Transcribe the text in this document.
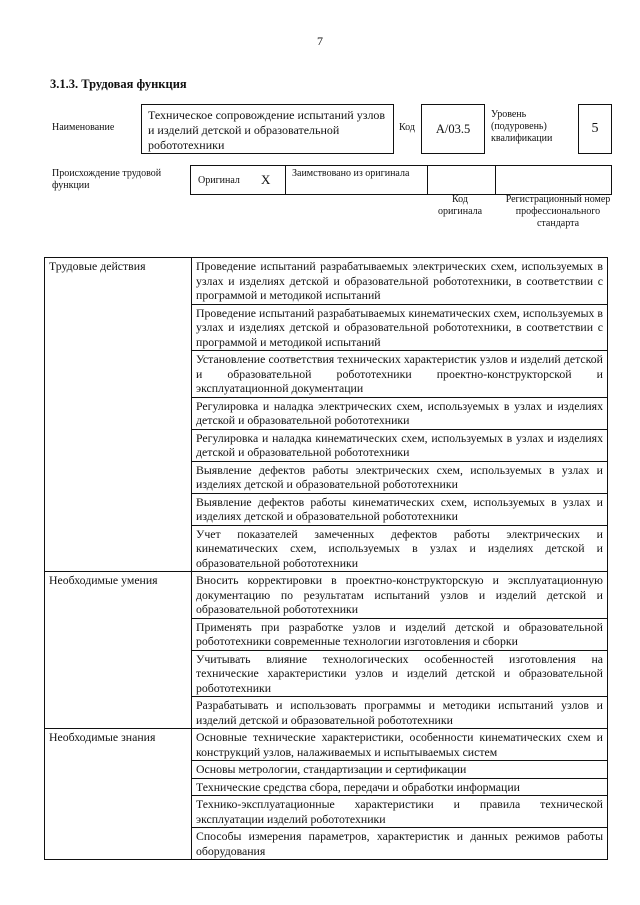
7
3.1.3. Трудовая функция
Наименование
Техническое сопровождение испытаний узлов и изделий детской и образовательной робототехники
Код	A/03.5
Уровень (подуровень) квалификации
5
Происхождение трудовой функции	Оригинал X Заимствовано из оригинала
Код оригинала
Регистрационный номер профессионального стандарта
Трудовые действия	Проведение испытаний разрабатываемых электрических схем, используемых в узлах и изделиях детской и образовательной робототехники, в соответствии с программой и методикой испытаний
	Проведение испытаний разрабатываемых кинематических схем, используемых в узлах и изделиях детской и образовательной робототехники, в соответствии с программой и методикой испытаний
	Установление соответствия технических характеристик узлов и изделий детской и образовательной робототехники проектно-конструкторской и эксплуатационной документации
	Регулировка и наладка электрических схем, используемых в узлах и изделиях детской и образовательной робототехники
	Регулировка и наладка кинематических схем, используемых в узлах и изделиях детской и образовательной робототехники
	Выявление дефектов работы электрических схем, используемых в узлах и изделиях детской и образовательной робототехники
	Выявление дефектов работы кинематических схем, используемых в узлах и изделиях детской и образовательной робототехники
	Учет показателей замеченных дефектов работы электрических и кинематических схем, используемых в узлах и изделиях детской и образовательной робототехники
Необходимые умения	Вносить корректировки в проектно-конструкторскую и эксплуатационную документацию по результатам испытаний узлов и изделий детской и образовательной робототехники
	Применять при разработке узлов и изделий детской и образовательной робототехники современные технологии изготовления и сборки
	Учитывать влияние технологических особенностей изготовления на технические характеристики узлов и изделий детской и образовательной робототехники
	Разрабатывать и использовать программы и методики испытаний узлов и изделий детской и образовательной робототехники
Необходимые знания	Основные технические характеристики, особенности кинематических схем и конструкций узлов, налаживаемых и испытываемых систем
	Основы метрологии, стандартизации и сертификации
	Технические средства сбора, передачи и обработки информации
	Технико-эксплуатационные характеристики и правила технической эксплуатации изделий робототехники
	Способы измерения параметров, характеристик и данных режимов работы оборудования
